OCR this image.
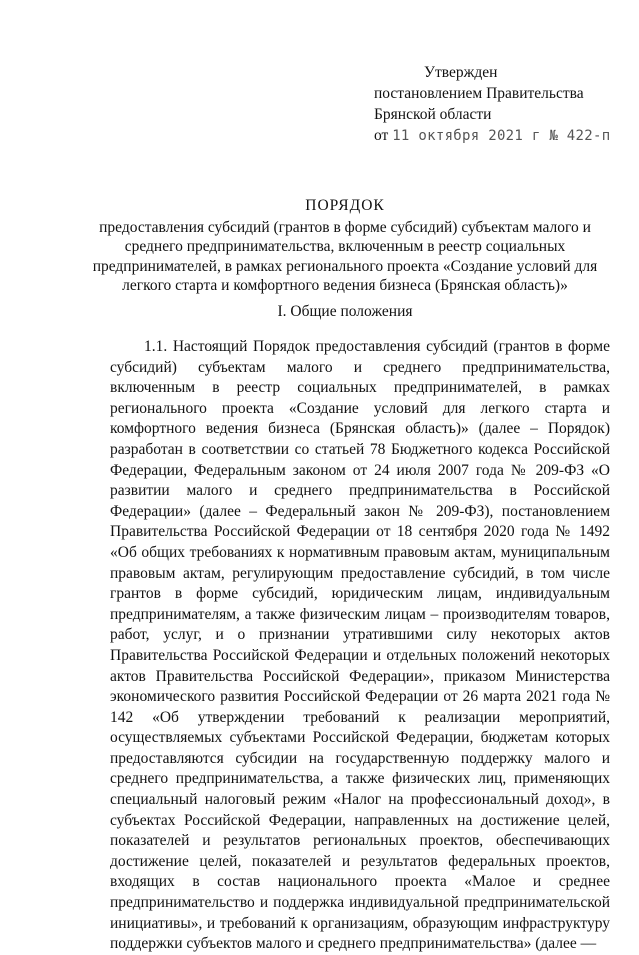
Утвержден
постановлением Правительства
Брянской области
от 11 октября 2021 г № 422-п
ПОРЯДОК
предоставления субсидий (грантов в форме субсидий) субъектам малого и среднего предпринимательства, включенным в реестр социальных предпринимателей, в рамках регионального проекта «Создание условий для легкого старта и комфортного ведения бизнеса (Брянская область)»
I. Общие положения
1.1. Настоящий Порядок предоставления субсидий (грантов в форме субсидий) субъектам малого и среднего предпринимательства, включенным в реестр социальных предпринимателей, в рамках регионального проекта «Создание условий для легкого старта и комфортного ведения бизнеса (Брянская область)» (далее – Порядок) разработан в соответствии со статьей 78 Бюджетного кодекса Российской Федерации, Федеральным законом от 24 июля 2007 года № 209-ФЗ «О развитии малого и среднего предпринимательства в Российской Федерации» (далее – Федеральный закон № 209-ФЗ), постановлением Правительства Российской Федерации от 18 сентября 2020 года № 1492 «Об общих требованиях к нормативным правовым актам, муниципальным правовым актам, регулирующим предоставление субсидий, в том числе грантов в форме субсидий, юридическим лицам, индивидуальным предпринимателям, а также физическим лицам – производителям товаров, работ, услуг, и о признании утратившими силу некоторых актов Правительства Российской Федерации и отдельных положений некоторых актов Правительства Российской Федерации», приказом Министерства экономического развития Российской Федерации от 26 марта 2021 года № 142 «Об утверждении требований к реализации мероприятий, осуществляемых субъектами Российской Федерации, бюджетам которых предоставляются субсидии на государственную поддержку малого и среднего предпринимательства, а также физических лиц, применяющих специальный налоговый режим «Налог на профессиональный доход», в субъектах Российской Федерации, направленных на достижение целей, показателей и результатов региональных проектов, обеспечивающих достижение целей, показателей и результатов федеральных проектов, входящих в состав национального проекта «Малое и среднее предпринимательство и поддержка индивидуальной предпринимательской инициативы», и требований к организациям, образующим инфраструктуру поддержки субъектов малого и среднего предпринимательства» (далее —
